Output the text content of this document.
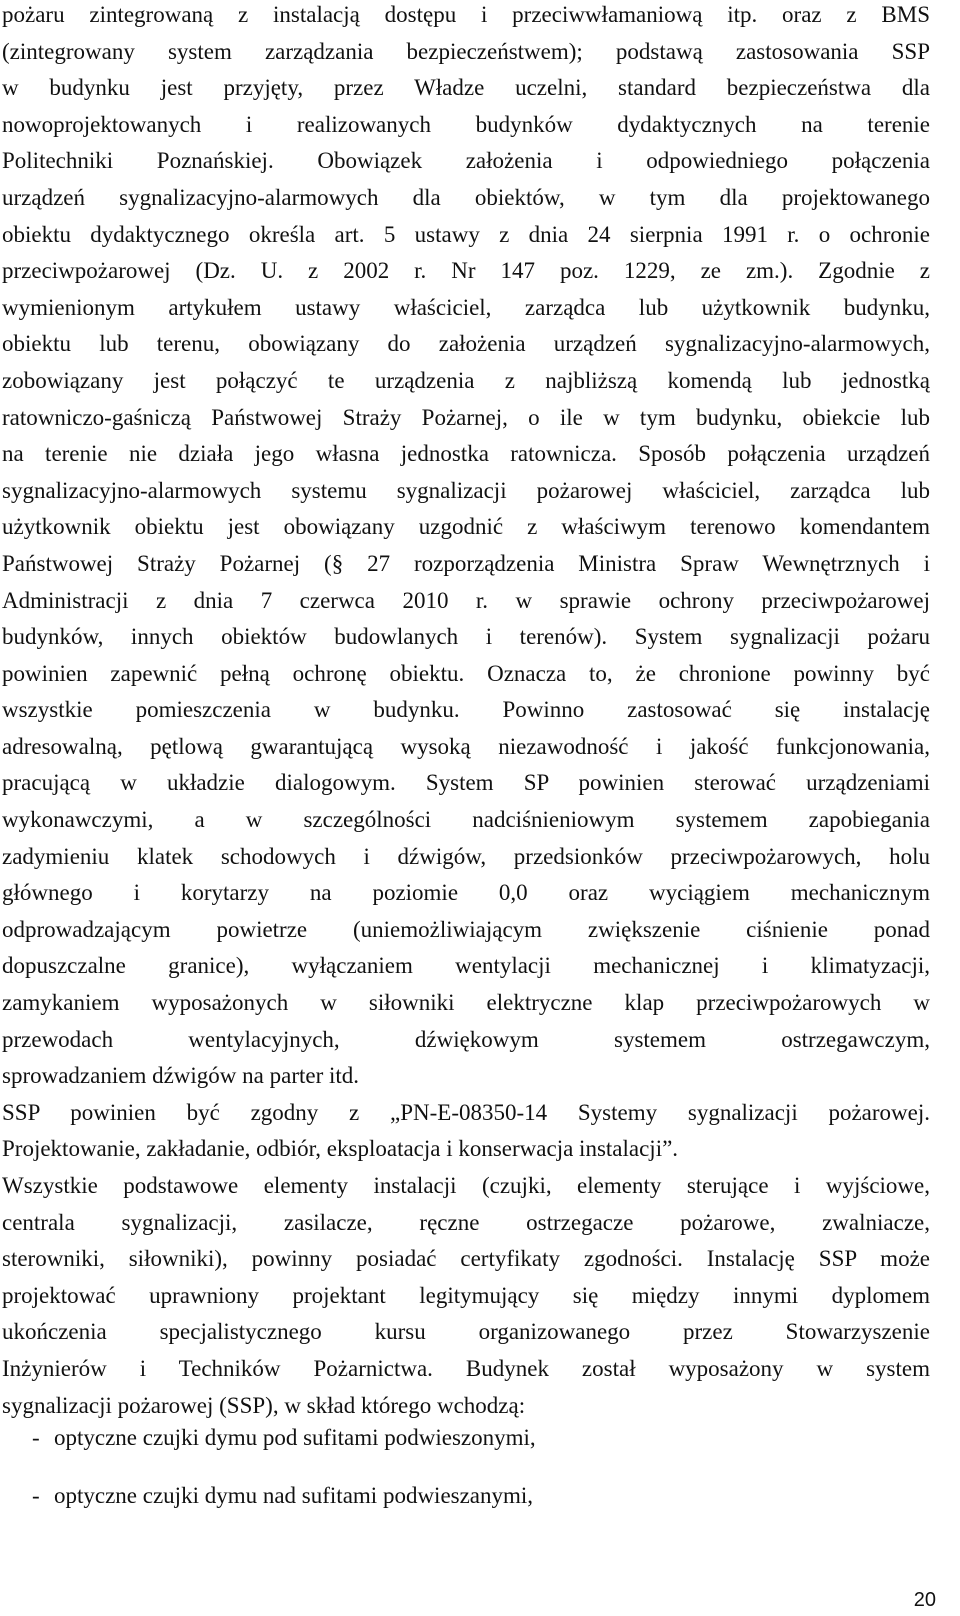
pożaru zintegrowaną z instalacją dostępu i przeciwwłamaniową itp. oraz z BMS
(zintegrowany system zarządzania bezpieczeństwem); podstawą zastosowania SSP
w budynku jest przyjęty, przez Władze uczelni, standard bezpieczeństwa dla
nowoprojektowanych i realizowanych budynków dydaktycznych na terenie
Politechniki Poznańskiej. Obowiązek założenia i odpowiedniego połączenia
urządzeń sygnalizacyjno-alarmowych dla obiektów, w tym dla projektowanego
obiektu dydaktycznego określa art. 5 ustawy z dnia 24 sierpnia 1991 r. o ochronie
przeciwpożarowej (Dz. U. z 2002 r. Nr 147 poz. 1229, ze zm.). Zgodnie z
wymienionym artykułem ustawy właściciel, zarządca lub użytkownik budynku,
obiektu lub terenu, obowiązany do założenia urządzeń sygnalizacyjno-alarmowych,
zobowiązany jest połączyć te urządzenia z najbliższą komendą lub jednostką
ratowniczo-gaśniczą Państwowej Straży Pożarnej, o ile w tym budynku, obiekcie lub
na terenie nie działa jego własna jednostka ratownicza. Sposób połączenia urządzeń
sygnalizacyjno-alarmowych systemu sygnalizacji pożarowej właściciel, zarządca lub
użytkownik obiektu jest obowiązany uzgodnić z właściwym terenowo komendantem
Państwowej Straży Pożarnej (§ 27 rozporządzenia Ministra Spraw Wewnętrznych i
Administracji z dnia 7 czerwca 2010 r. w sprawie ochrony przeciwpożarowej
budynków, innych obiektów budowlanych i terenów). System sygnalizacji pożaru
powinien zapewnić pełną ochronę obiektu. Oznacza to, że chronione powinny być
wszystkie pomieszczenia w budynku. Powinno zastosować się instalację
adresowalną, pętlową gwarantującą wysoką niezawodność i jakość funkcjonowania,
pracującą w układzie dialogowym. System SP powinien sterować urządzeniami
wykonawczymi, a w szczególności nadciśnieniowym systemem zapobiegania
zadymieniu klatek schodowych i dźwigów, przedsionków przeciwpożarowych, holu
głównego i korytarzy na poziomie 0,0 oraz wyciągiem mechanicznym
odprowadzającym powietrze (uniemożliwiającym zwiększenie ciśnienie ponad
dopuszczalne granice), wyłączaniem wentylacji mechanicznej i klimatyzacji,
zamykaniem wyposażonych w siłowniki elektryczne klap przeciwpożarowych w
przewodach wentylacyjnych, dźwiękowym systemem ostrzegawczym,
sprowadzaniem dźwigów na parter itd.
SSP powinien być zgodny z „PN-E-08350-14 Systemy sygnalizacji pożarowej.
Projektowanie, zakładanie, odbiór, eksploatacja i konserwacja instalacji”.
Wszystkie podstawowe elementy instalacji (czujki, elementy sterujące i wyjściowe,
centrala sygnalizacji, zasilacze, ręczne ostrzegacze pożarowe, zwalniacze,
sterowniki, siłowniki), powinny posiadać certyfikaty zgodności. Instalację SSP może
projektować uprawniony projektant legitymujący się między innymi dyplomem
ukończenia specjalistycznego kursu organizowanego przez Stowarzyszenie
Inżynierów i Techników Pożarnictwa. Budynek został wyposażony w system
sygnalizacji pożarowej (SSP), w skład którego wchodzą:
- optyczne czujki dymu pod sufitami podwieszonymi,
- optyczne czujki dymu nad sufitami podwieszanymi,
20
